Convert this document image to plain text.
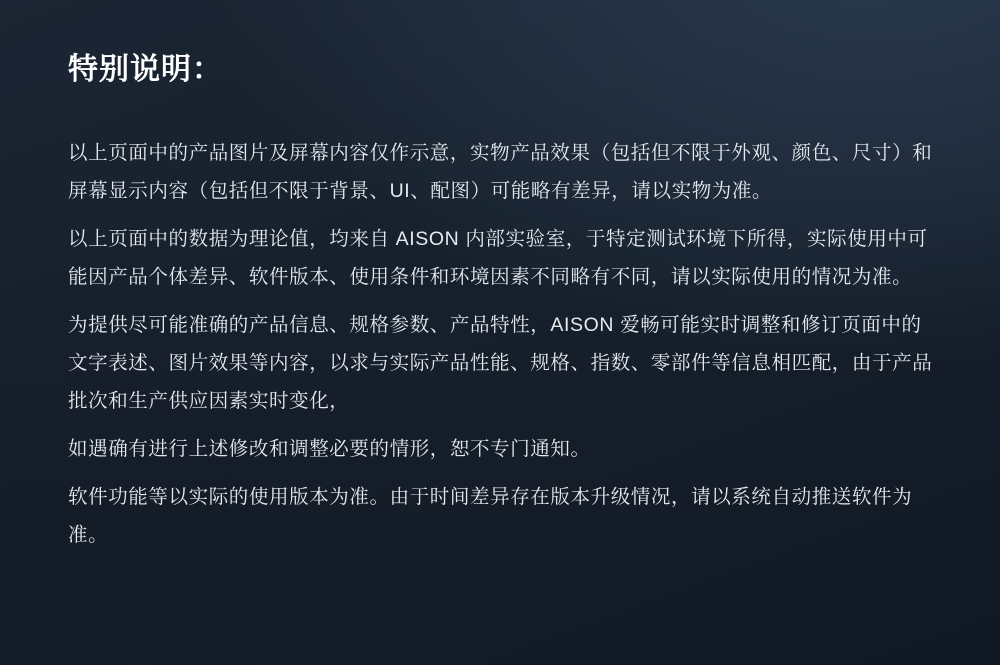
特别说明：

以上页面中的产品图片及屏幕内容仅作示意，实物产品效果（包括但不限于外观、颜色、尺寸）和屏幕显示内容（包括但不限于背景、UI、配图）可能略有差异，请以实物为准。

以上页面中的数据为理论值，均来自 AISON 内部实验室，于特定测试环境下所得，实际使用中可能因产品个体差异、软件版本、使用条件和环境因素不同略有不同，请以实际使用的情况为准。

为提供尽可能准确的产品信息、规格参数、产品特性，AISON 爱畅可能实时调整和修订页面中的文字表述、图片效果等内容，以求与实际产品性能、规格、指数、零部件等信息相匹配，由于产品批次和生产供应因素实时变化，

如遇确有进行上述修改和调整必要的情形，恕不专门通知。

软件功能等以实际的使用版本为准。由于时间差异存在版本升级情况，请以系统自动推送软件为准。
